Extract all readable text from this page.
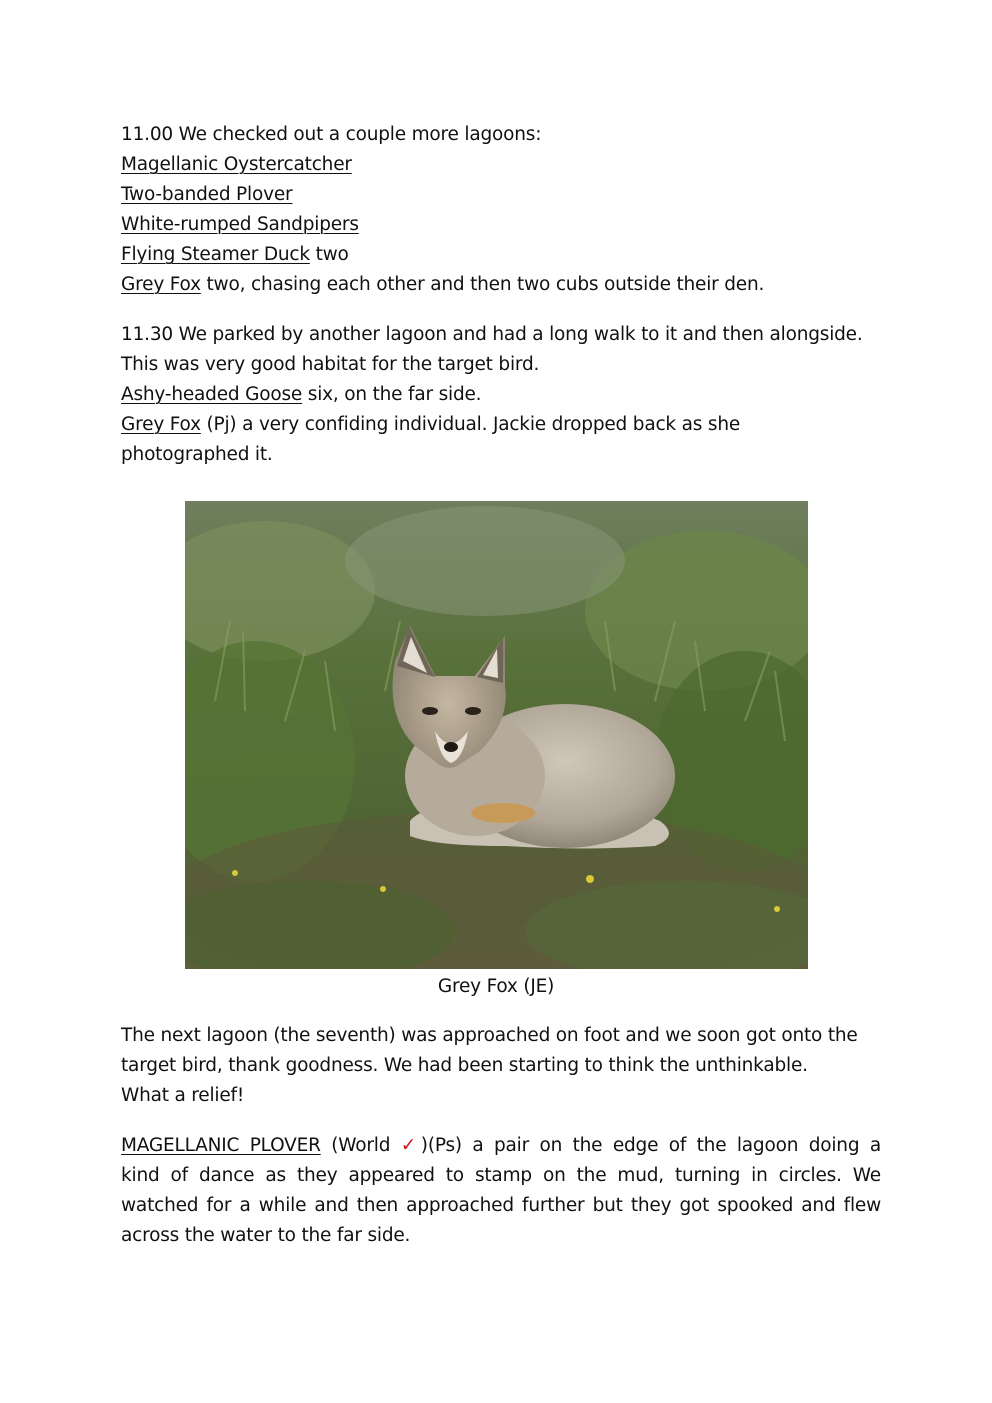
11.00 We checked out a couple more lagoons:
Magellanic Oystercatcher
Two-banded Plover
White-rumped Sandpipers
Flying Steamer Duck two
Grey Fox two, chasing each other and then two cubs outside their den.
11.30 We parked by another lagoon and had a long walk to it and then alongside.
This was very good habitat for the target bird.
Ashy-headed Goose six, on the far side.
Grey Fox (Pj) a very confiding individual. Jackie dropped back as she
photographed it.
Grey Fox (JE)
The next lagoon (the seventh) was approached on foot and we soon got onto the
target bird, thank goodness. We had been starting to think the unthinkable.
What a relief!
MAGELLANIC PLOVER (World ✓)(Ps) a pair on the edge of the lagoon doing a
kind of dance as they appeared to stamp on the mud, turning in circles. We
watched for a while and then approached further but they got spooked and flew
across the water to the far side.
